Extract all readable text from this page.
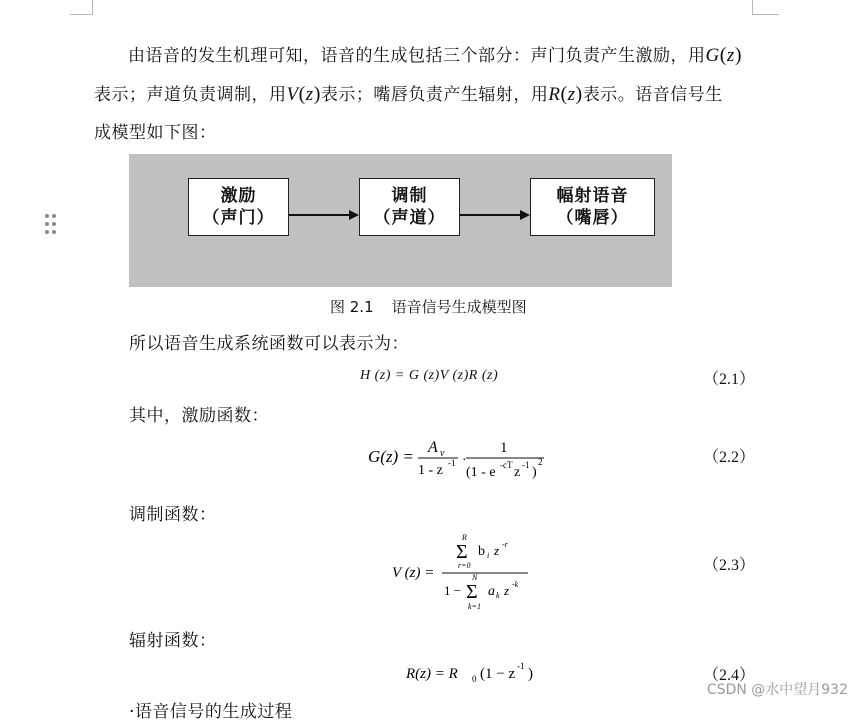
由语音的发生机理可知，语音的生成包括三个部分：声门负责产生激励，用G(z)
表示；声道负责调制，用V(z)表示；嘴唇负责产生辐射，用R(z)表示。语音信号生
成模型如下图：
激励
（声门）
调制
（声道）
幅射语音
（嘴唇）
图 2.1 语音信号生成模型图
所以语音生成系统函数可以表示为：
H (z) = G (z)V (z)R (z)	（2.1）
其中，激励函数：
G(z) = A v
1 - z -1 ·
1
(1 - e -cT z -1 )
2	（2.2）
调制函数：
V (z) =
R
Σ
r=0
b i z -r
1 −
N
Σ
k=1
a k z -k
（2.3）
辐射函数：
R(z) = R 0 (1 − z -1 )	（2.4）
·语音信号的生成过程
CSDN @水中望月932
